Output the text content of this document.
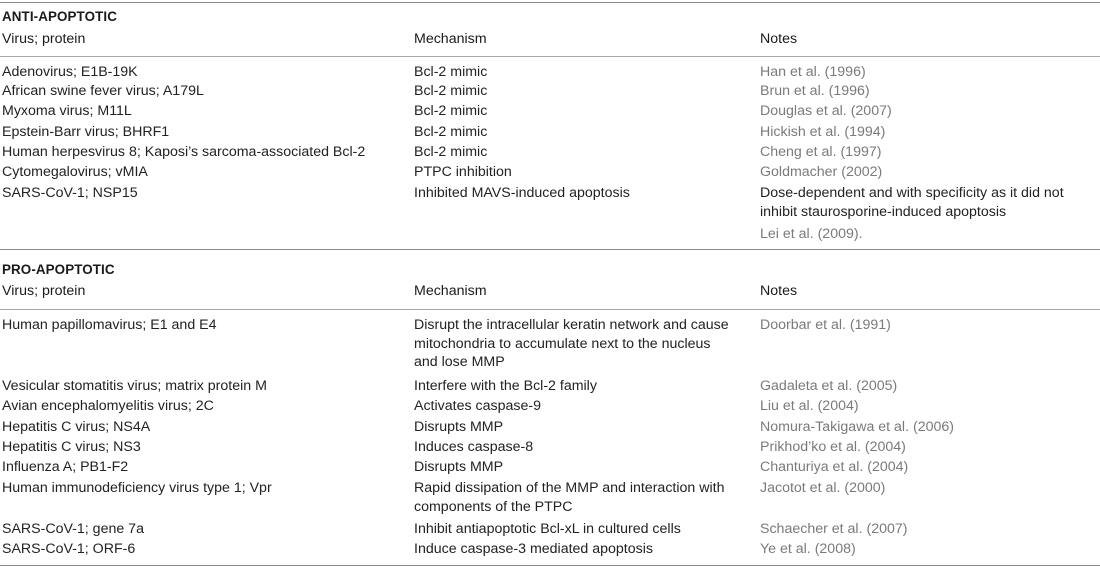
ANTI-APOPTOTIC
Virus; protein	Mechanism	Notes
Adenovirus; E1B-19K	Bcl-2 mimic	Han et al. (1996)
African swine fever virus; A179L	Bcl-2 mimic	Brun et al. (1996)
Myxoma virus; M11L	Bcl-2 mimic	Douglas et al. (2007)
Epstein-Barr virus; BHRF1	Bcl-2 mimic	Hickish et al. (1994)
Human herpesvirus 8; Kaposi’s sarcoma-associated Bcl-2	Bcl-2 mimic	Cheng et al. (1997)
Cytomegalovirus; vMIA	PTPC inhibition	Goldmacher (2002)
SARS-CoV-1; NSP15	Inhibited MAVS-induced apoptosis	Dose-dependent and with specificity as it did not inhibit staurosporine-induced apoptosis
Lei et al. (2009).
PRO-APOPTOTIC
Virus; protein	Mechanism	Notes
Human papillomavirus; E1 and E4	Disrupt the intracellular keratin network and cause mitochondria to accumulate next to the nucleus and lose MMP
Doorbar et al. (1991)
Vesicular stomatitis virus; matrix protein M	Interfere with the Bcl-2 family	Gadaleta et al. (2005)
Avian encephalomyelitis virus; 2C	Activates caspase-9	Liu et al. (2004)
Hepatitis C virus; NS4A	Disrupts MMP	Nomura-Takigawa et al. (2006)
Hepatitis C virus; NS3	Induces caspase-8	Prikhod’ko et al. (2004)
Influenza A; PB1-F2	Disrupts MMP	Chanturiya et al. (2004)
Human immunodeficiency virus type 1; Vpr	Rapid dissipation of the MMP and interaction with components of the PTPC
Jacotot et al. (2000)
SARS-CoV-1; gene 7a	Inhibit antiapoptotic Bcl-xL in cultured cells	Schaecher et al. (2007)
SARS-CoV-1; ORF-6	Induce caspase-3 mediated apoptosis	Ye et al. (2008)
